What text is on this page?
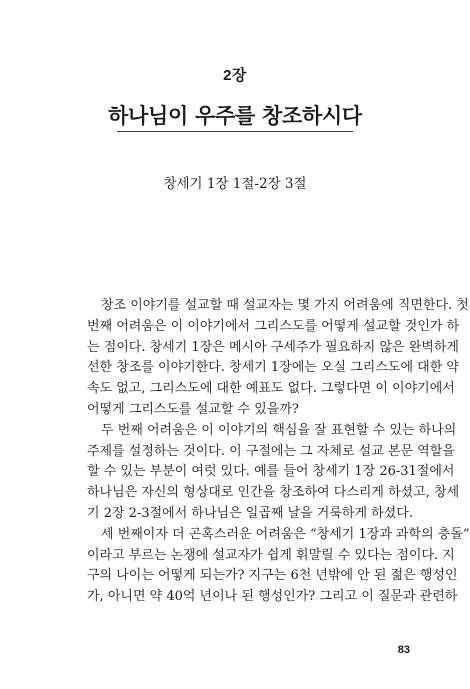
2장
하나님이 우주를 창조하시다
창세기 1장 1절-2장 3절
창조 이야기를 설교할 때 설교자는 몇 가지 어려움에 직면한다. 첫
번째 어려움은 이 이야기에서 그리스도를 어떻게 설교할 것인가 하
는 점이다. 창세기 1장은 메시아 구세주가 필요하지 않은 완벽하게
선한 창조를 이야기한다. 창세기 1장에는 오실 그리스도에 대한 약
속도 없고, 그리스도에 대한 예표도 없다. 그렇다면 이 이야기에서
어떻게 그리스도를 설교할 수 있을까?
두 번째 어려움은 이 이야기의 핵심을 잘 표현할 수 있는 하나의
주제를 설정하는 것이다. 이 구절에는 그 자체로 설교 본문 역할을
할 수 있는 부분이 여럿 있다. 예를 들어 창세기 1장 26-31절에서
하나님은 자신의 형상대로 인간을 창조하여 다스리게 하셨고, 창세
기 2장 2-3절에서 하나님은 일곱째 날을 거룩하게 하셨다.
세 번째이자 더 곤혹스러운 어려움은 “창세기 1장과 과학의 충돌”
이라고 부르는 논쟁에 설교자가 쉽게 휘말릴 수 있다는 점이다. 지
구의 나이는 어떻게 되는가? 지구는 6천 년밖에 안 된 젊은 행성인
가, 아니면 약 40억 년이나 된 행성인가? 그리고 이 질문과 관련하
83
